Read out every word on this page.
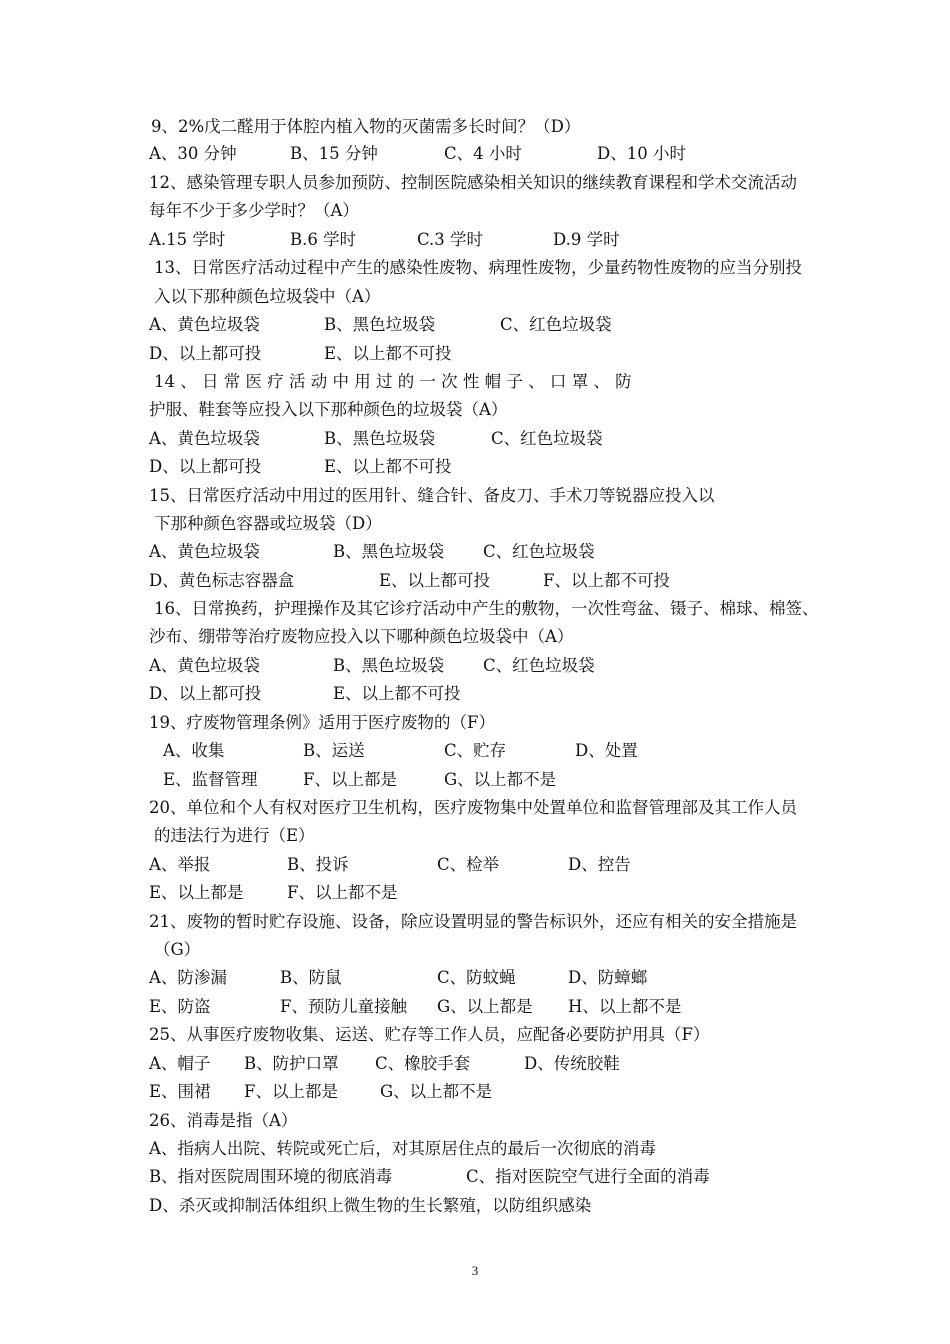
9、2%戊二醛用于体腔内植入物的灭菌需多长时间？（D）
A、30 分钟	B、15 分钟	C、4 小时	D、10 小时
12、感染管理专职人员参加预防、控制医院感染相关知识的继续教育课程和学术交流活动
每年不少于多少学时？（A）
A.15 学时	B.6 学时	C.3 学时	D.9 学时
13、日常医疗活动过程中产生的感染性废物、病理性废物，少量药物性废物的应当分别投
入以下那种颜色垃圾袋中（A）
A、黄色垃圾袋	B、黑色垃圾袋	C、红色垃圾袋
D、以上都可投	E、以上都不可投
14 、 日 常 医 疗 活 动 中 用 过 的 一 次 性 帽 子 、 口 罩 、 防
护服、鞋套等应投入以下那种颜色的垃圾袋（A）
A、黄色垃圾袋	B、黑色垃圾袋	C、红色垃圾袋
D、以上都可投	E、以上都不可投
15、日常医疗活动中用过的医用针、缝合针、备皮刀、手术刀等锐器应投入以
下那种颜色容器或垃圾袋（D）
A、黄色垃圾袋	B、黑色垃圾袋 C、红色垃圾袋
D、黄色标志容器盒	E、以上都可投	F、以上都不可投
16、日常换药，护理操作及其它诊疗活动中产生的敷物，一次性弯盆、镊子、棉球、棉签、
沙布、绷带等治疗废物应投入以下哪种颜色垃圾袋中（A）
A、黄色垃圾袋	B、黑色垃圾袋 C、红色垃圾袋
D、以上都可投	E、以上都不可投
19、疗废物管理条例》适用于医疗废物的（F）
A、收集	B、运送	C、贮存	D、处置
E、监督管理	F、以上都是	G、以上都不是
20、单位和个人有权对医疗卫生机构，医疗废物集中处置单位和监督管理部及其工作人员
的违法行为进行（E）
A、举报	B、投诉	C、检举	D、控告
E、以上都是	F、以上都不是
21、废物的暂时贮存设施、设备，除应设置明显的警告标识外，还应有相关的安全措施是
（G）
A、防渗漏	B、防鼠	C、防蚊蝇	D、防蟑螂
E、防盗	F、预防儿童接触 G、以上都是 H、以上都不是
25、从事医疗废物收集、运送、贮存等工作人员，应配备必要防护用具（F）
A、帽子 B、防护口罩 C、橡胶手套	D、传统胶鞋
E、围裙 F、以上都是	G、以上都不是
26、消毒是指（A）
A、指病人出院、转院或死亡后，对其原居住点的最后一次彻底的消毒
B、指对医院周围环境的彻底消毒	C、指对医院空气进行全面的消毒
D、杀灭或抑制活体组织上微生物的生长繁殖，以防组织感染
3
